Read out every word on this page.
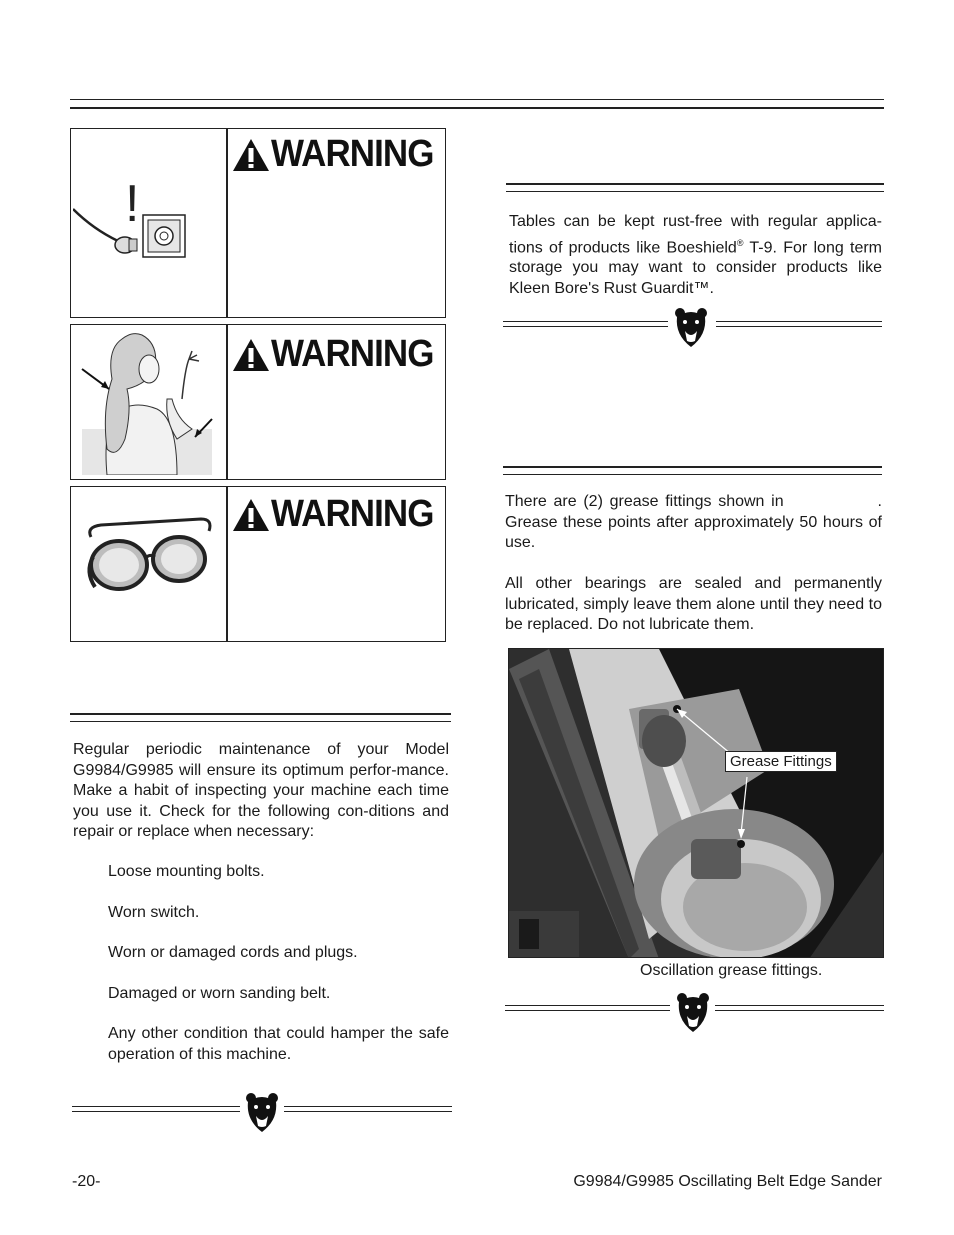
!
WARNING
WARNING
WARNING
Regular periodic maintenance of your Model G9984/G9985 will ensure its optimum perfor-mance. Make a habit of inspecting your machine each time you use it. Check for the following con-ditions and repair or replace when necessary:
Loose mounting bolts.
Worn switch.
Worn or damaged cords and plugs.
Damaged or worn sanding belt.
Any other condition that could hamper the safe operation of this machine.
Tables can be kept rust-free with regular applica-tions of products like Boeshield® T-9. For long term storage you may want to consider products like Kleen Bore's Rust Guardit™.
There are (2) grease fittings shown in              . Grease these points after approximately 50 hours of use.
All other bearings are sealed and permanently lubricated, simply leave them alone until they need to be replaced. Do not lubricate them.
Grease Fittings
Oscillation grease fittings.
-20-	G9984/G9985 Oscillating Belt Edge Sander
